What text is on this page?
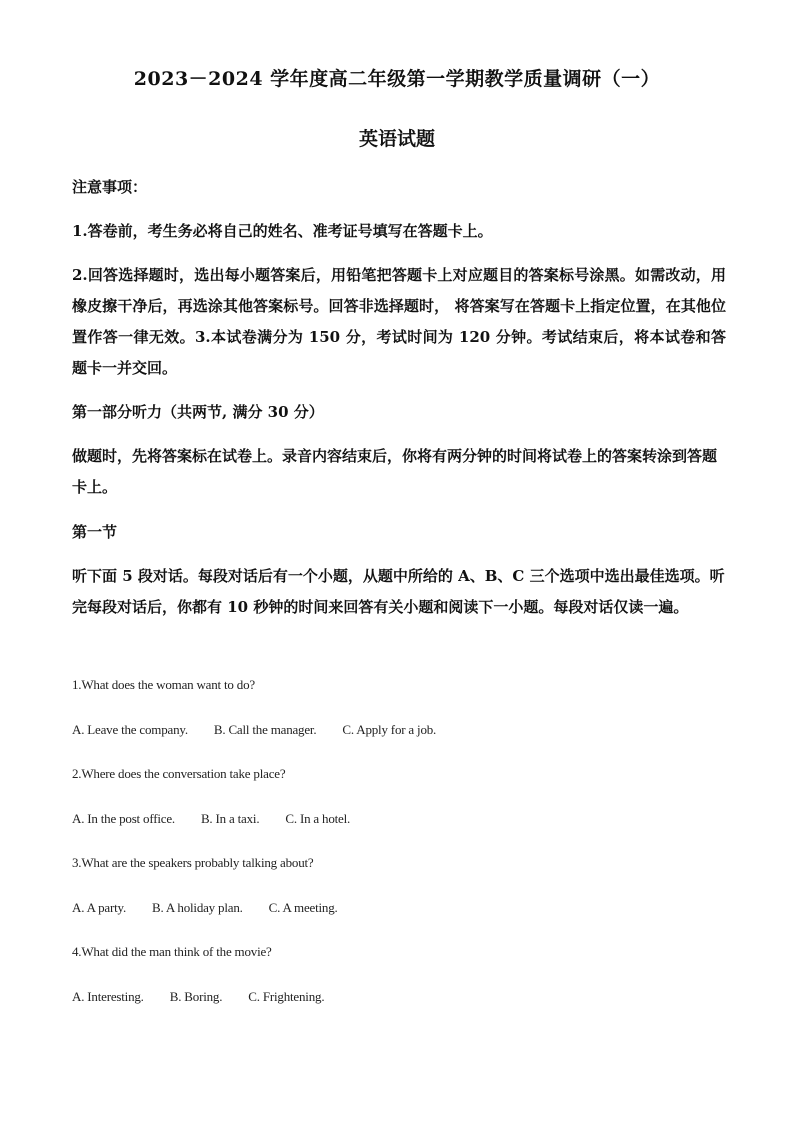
2023－2024 学年度高二年级第一学期教学质量调研（一）
英语试题
注意事项：
1.答卷前，考生务必将自己的姓名、准考证号填写在答题卡上。
2.回答选择题时，选出每小题答案后，用铅笔把答题卡上对应题目的答案标号涂黑。如需改动，用橡皮擦干净后，再选涂其他答案标号。回答非选择题时， 将答案写在答题卡上指定位置，在其他位置作答一律无效。3.本试卷满分为 150 分，考试时间为 120 分钟。考试结束后，将本试卷和答题卡一并交回。
第一部分听力（共两节, 满分 30 分）
做题时，先将答案标在试卷上。录音内容结束后，你将有两分钟的时间将试卷上的答案转涂到答题卡上。
第一节
听下面 5 段对话。每段对话后有一个小题，从题中所给的 A、B、C 三个选项中选出最佳选项。听完每段对话后，你都有 10 秒钟的时间来回答有关小题和阅读下一小题。每段对话仅读一遍。
1.What does the woman want to do?
A. Leave the company. B. Call the manager. C. Apply for a job.
2.Where does the conversation take place?
A. In the post office. B. In a taxi. C. In a hotel.
3.What are the speakers probably talking about?
A. A party. B. A holiday plan. C. A meeting.
4.What did the man think of the movie?
A. Interesting. B. Boring. C. Frightening.
